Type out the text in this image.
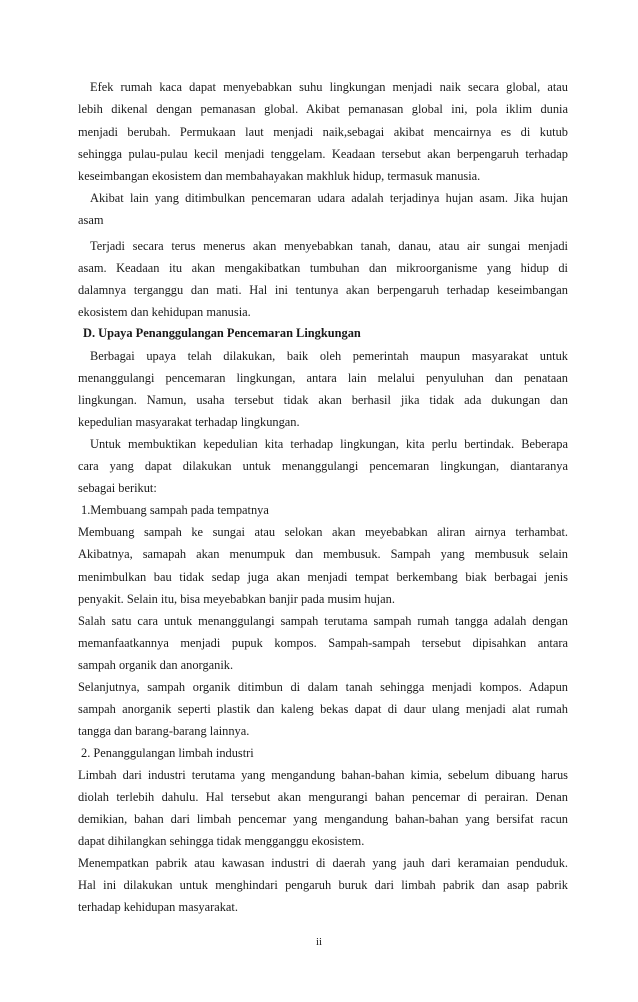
Efek rumah kaca dapat menyebabkan suhu lingkungan menjadi naik secara global, atau
lebih dikenal dengan pemanasan global. Akibat pemanasan global ini, pola iklim dunia
menjadi berubah. Permukaan laut menjadi naik,sebagai akibat mencairnya es di kutub
sehingga pulau-pulau kecil menjadi tenggelam. Keadaan tersebut akan berpengaruh terhadap
keseimbangan ekosistem dan membahayakan makhluk hidup, termasuk manusia.
Akibat lain yang ditimbulkan pencemaran udara adalah terjadinya hujan asam. Jika hujan
asam
Terjadi secara terus menerus akan menyebabkan tanah, danau, atau air sungai menjadi
asam. Keadaan itu akan mengakibatkan tumbuhan dan mikroorganisme yang hidup di
dalamnya terganggu dan mati. Hal ini tentunya akan berpengaruh terhadap keseimbangan
ekosistem dan kehidupan manusia.
D. Upaya Penanggulangan Pencemaran Lingkungan
Berbagai upaya telah dilakukan, baik oleh pemerintah maupun masyarakat untuk
menanggulangi pencemaran lingkungan, antara lain melalui penyuluhan dan penataan
lingkungan. Namun, usaha tersebut tidak akan berhasil jika tidak ada dukungan dan
kepedulian masyarakat terhadap lingkungan.
Untuk membuktikan kepedulian kita terhadap lingkungan, kita perlu bertindak. Beberapa
cara yang dapat dilakukan untuk menanggulangi pencemaran lingkungan, diantaranya
sebagai berikut:
1.Membuang sampah pada tempatnya
Membuang sampah ke sungai atau selokan akan meyebabkan aliran airnya terhambat.
Akibatnya, samapah akan menumpuk dan membusuk. Sampah yang membusuk selain
menimbulkan bau tidak sedap juga akan menjadi tempat berkembang biak berbagai jenis
penyakit. Selain itu, bisa meyebabkan banjir pada musim hujan.
Salah satu cara untuk menanggulangi sampah terutama sampah rumah tangga adalah dengan
memanfaatkannya menjadi pupuk kompos. Sampah-sampah tersebut dipisahkan antara
sampah organik dan anorganik.
Selanjutnya, sampah organik ditimbun di dalam tanah sehingga menjadi kompos. Adapun
sampah anorganik seperti plastik dan kaleng bekas dapat di daur ulang menjadi alat rumah
tangga dan barang-barang lainnya.
2. Penanggulangan limbah industri
Limbah dari industri terutama yang mengandung bahan-bahan kimia, sebelum dibuang harus
diolah terlebih dahulu. Hal tersebut akan mengurangi bahan pencemar di perairan. Denan
demikian, bahan dari limbah pencemar yang mengandung bahan-bahan yang bersifat racun
dapat dihilangkan sehingga tidak mengganggu ekosistem.
Menempatkan pabrik atau kawasan industri di daerah yang jauh dari keramaian penduduk.
Hal ini dilakukan untuk menghindari pengaruh buruk dari limbah pabrik dan asap pabrik
terhadap kehidupan masyarakat.
ii
